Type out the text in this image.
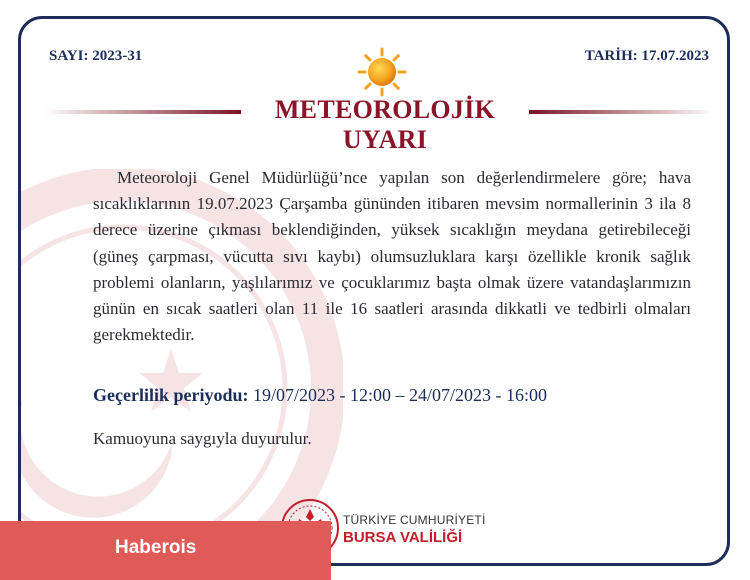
SAYI: 2023-31	TARİH: 17.07.2023
METEOROLOJİK UYARI

Meteoroloji Genel Müdürlüğü’nce yapılan son değerlendirmelere göre; hava sıcaklıklarının 19.07.2023 Çarşamba gününden itibaren mevsim normallerinin 3 ila 8 derece üzerine çıkması beklendiğinden, yüksek sıcaklığın meydana getirebileceği (güneş çarpması, vücutta sıvı kaybı) olumsuzluklara karşı özellikle kronik sağlık problemi olanların, yaşlılarımız ve çocuklarımız başta olmak üzere vatandaşlarımızın günün en sıcak saatleri olan 11 ile 16 saatleri arasında dikkatli ve tedbirli olmaları gerekmektedir.

Geçerlilik periyodu: 19/07/2023 - 12:00 – 24/07/2023 - 16:00

Kamuoyuna saygıyla duyurulur.

TÜRKİYE CUMHURİYETİ
BURSA VALİLİĞİ
Haberois
